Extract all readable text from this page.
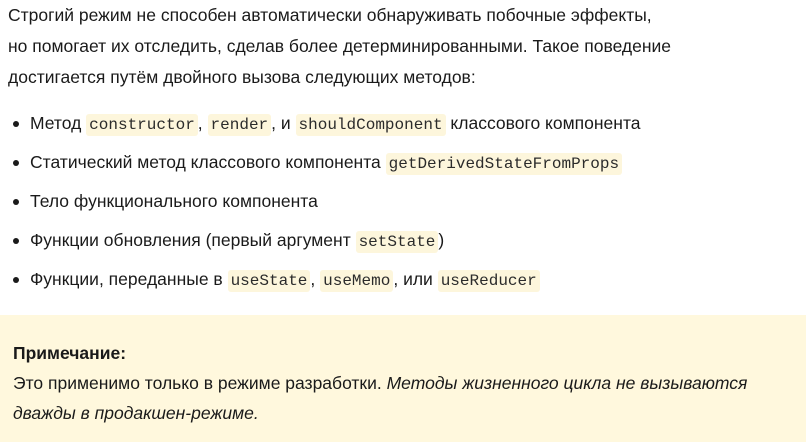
Строгий режим не способен автоматически обнаруживать побочные эффекты,
но помогает их отследить, сделав более детерминированными. Такое поведение
достигается путём двойного вызова следующих методов:

Метод constructor , render , и shouldComponent классового компонента
Статический метод классового компонента getDerivedStateFromProps
Тело функционального компонента
Функции обновления (первый аргумент setState )
Функции, переданные в useState , useMemo , или useReducer

Примечание:

Это применимо только в режиме разработки. Методы жизненного цикла не вызываются
дважды в продакшен-режиме.
